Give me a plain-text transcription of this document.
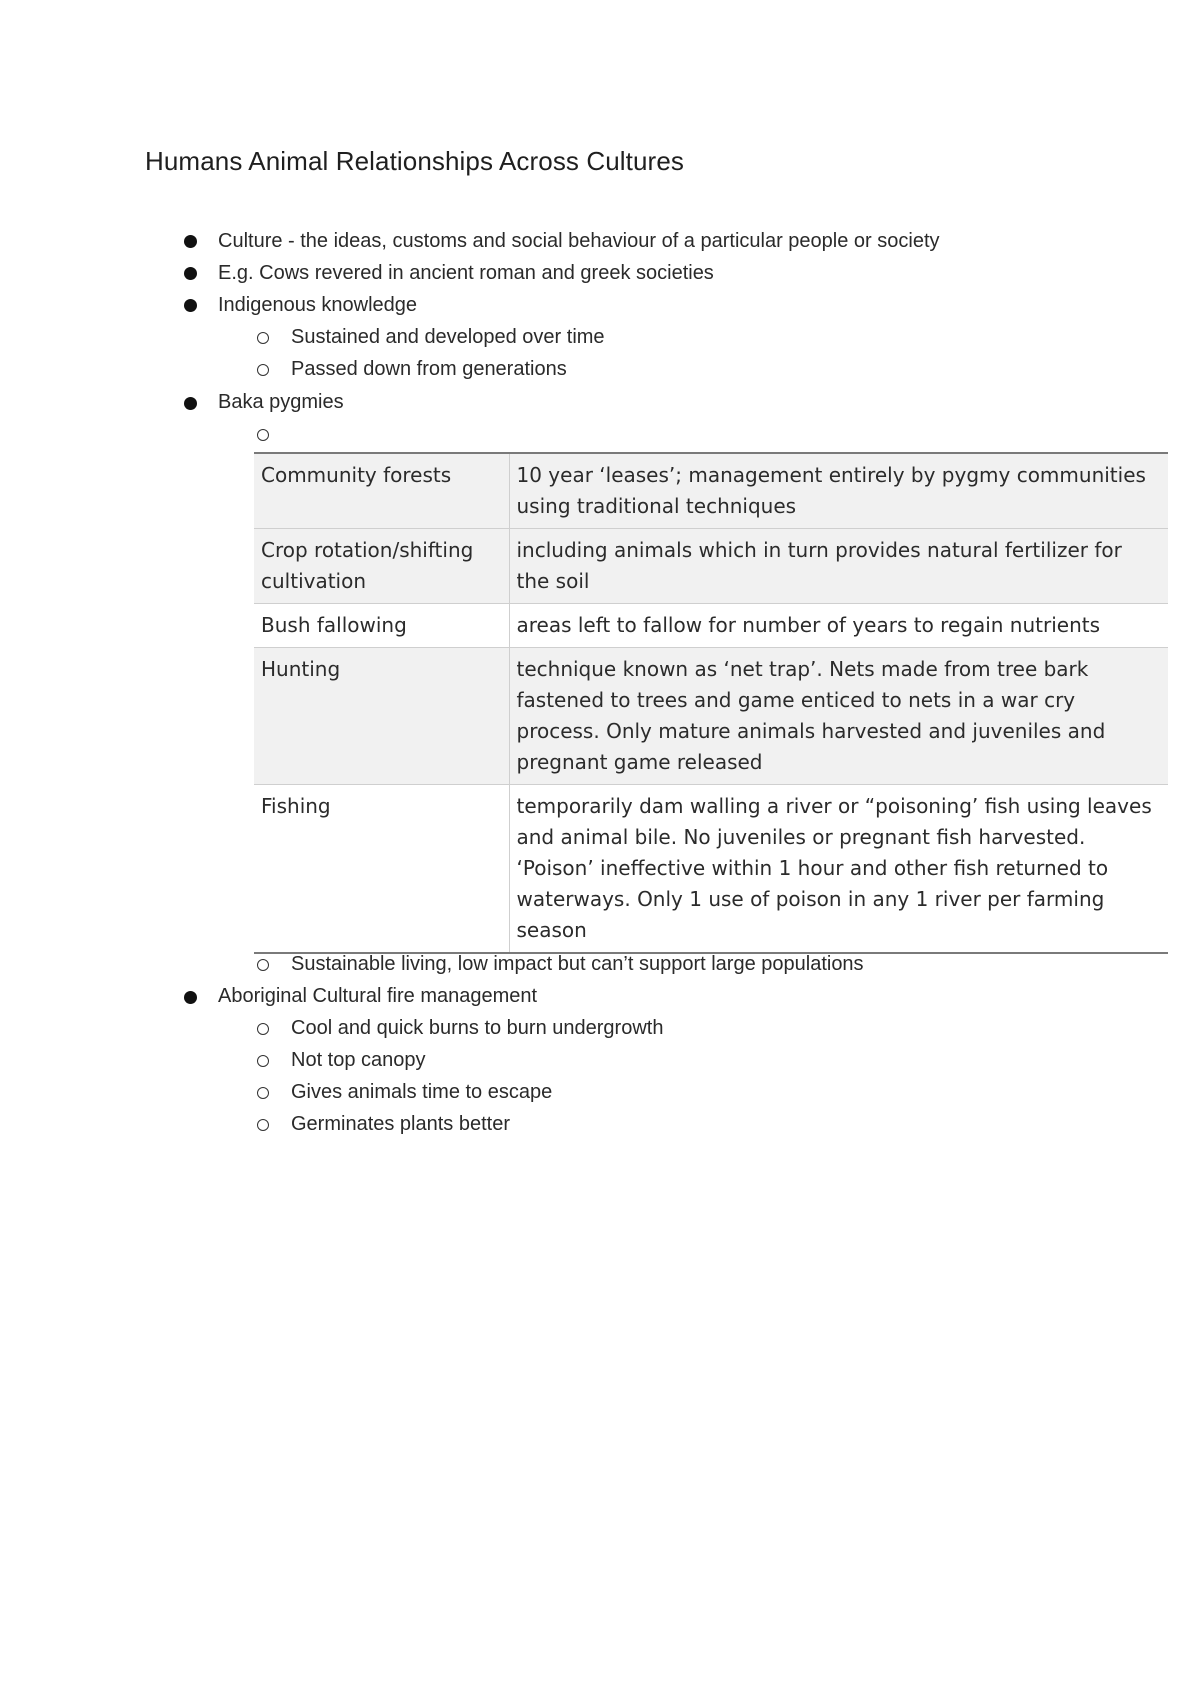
Humans Animal Relationships Across Cultures
Culture - the ideas, customs and social behaviour of a particular people or society
E.g. Cows revered in ancient roman and greek societies
Indigenous knowledge
Sustained and developed over time
Passed down from generations
Baka pygmies
Community forests	10 year ‘leases’; management entirely by pygmy communities using traditional techniques
Crop rotation/shifting cultivation	including animals which in turn provides natural fertilizer for the soil
Bush fallowing	areas left to fallow for number of years to regain nutrients
Hunting	technique known as ‘net trap’. Nets made from tree bark fastened to trees and game enticed to nets in a war cry process. Only mature animals harvested and juveniles and pregnant game released
Fishing	temporarily dam walling a river or “poisoning’ fish using leaves and animal bile. No juveniles or pregnant fish harvested. ‘Poison’ ineffective within 1 hour and other fish returned to waterways. Only 1 use of poison in any 1 river per farming season
Sustainable living, low impact but can’t support large populations
Aboriginal Cultural fire management
Cool and quick burns to burn undergrowth
Not top canopy
Gives animals time to escape
Germinates plants better
